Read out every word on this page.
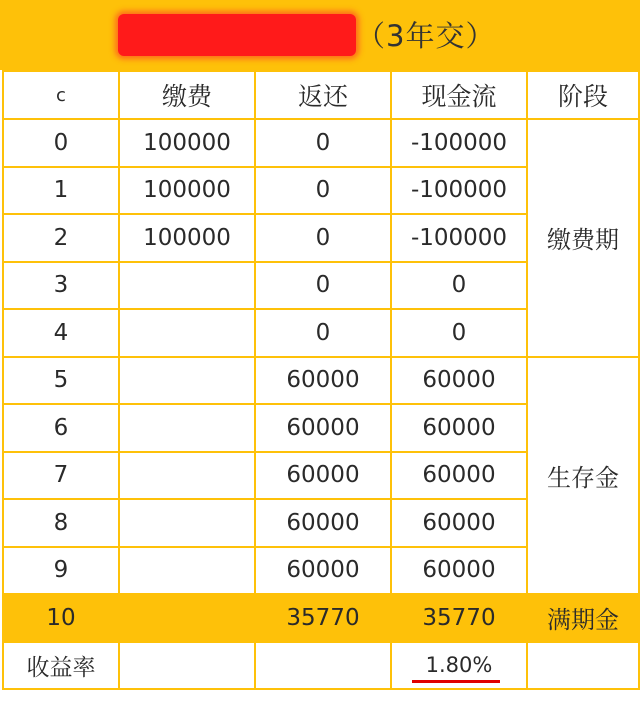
（3年交）
c	缴费	返还	现金流	阶段
0	100000	0	-100000	缴费期
1	100000	0	-100000	
2	100000	0	-100000	
3		0	0	
4		0	0	
5		60000	60000	生存金
6		60000	60000	
7		60000	60000	
8		60000	60000	
9		60000	60000	
10		35770	35770	满期金
收益率			1.80%	
